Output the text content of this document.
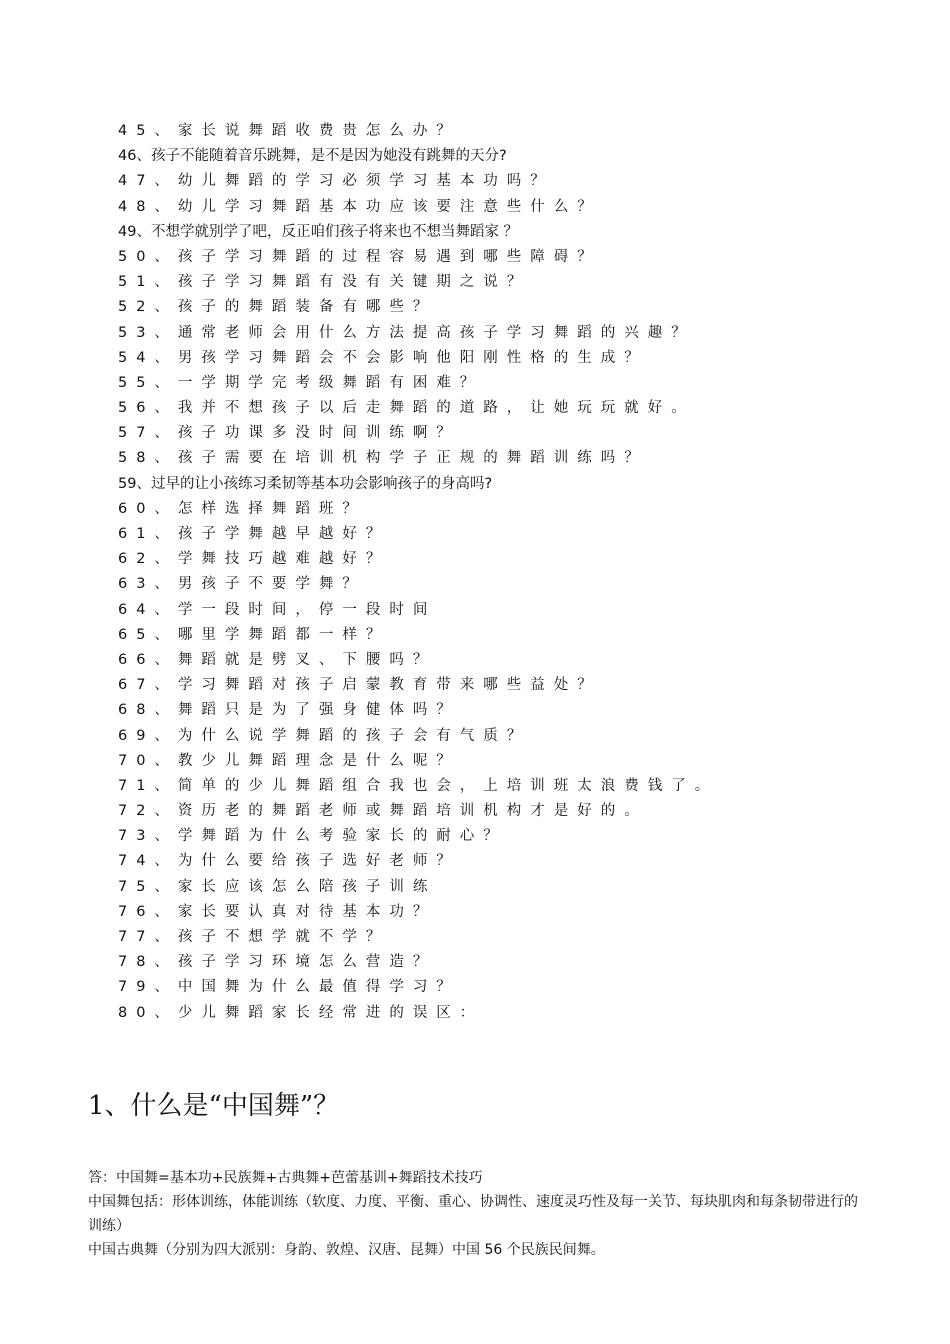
45、家长说舞蹈收费贵怎么办？
46、孩子不能随着音乐跳舞，是不是因为她没有跳舞的天分?
47、幼儿舞蹈的学习必须学习基本功吗？
48、幼儿学习舞蹈基本功应该要注意些什么？
49、不想学就别学了吧，反正咱们孩子将来也不想当舞蹈家 ？
50、孩子学习舞蹈的过程容易遇到哪些障碍？
51、孩子学习舞蹈有没有关键期之说？
52、孩子的舞蹈装备有哪些？
53、通常老师会用什么方法提高孩子学习舞蹈的兴趣？
54、男孩学习舞蹈会不会影响他阳刚性格的生成？
55、一学期学完考级舞蹈有困难？
56、我并不想孩子以后走舞蹈的道路，让她玩玩就好。
57、孩子功课多没时间训练啊？
58、孩子需要在培训机构学子正规的舞蹈训练吗？
59、过早的让小孩练习柔韧等基本功会影响孩子的身高吗?
60、怎样选择舞蹈班？
61、孩子学舞越早越好？
62、学舞技巧越难越好？
63、男孩子不要学舞？
64、学一段时间，停一段时间
65、哪里学舞蹈都一样？
66、舞蹈就是劈叉、下腰吗？
67、学习舞蹈对孩子启蒙教育带来哪些益处？
68、舞蹈只是为了强身健体吗？
69、为什么说学舞蹈的孩子会有气质？
70、教少儿舞蹈理念是什么呢？
71、简单的少儿舞蹈组合我也会，上培训班太浪费钱了。
72、资历老的舞蹈老师或舞蹈培训机构才是好的。
73、学舞蹈为什么考验家长的耐心？
74、为什么要给孩子选好老师？
75、家长应该怎么陪孩子训练
76、家长要认真对待基本功？
77、孩子不想学就不学？
78、孩子学习环境怎么营造？
79、中国舞为什么最值得学习？
80、少儿舞蹈家长经常进的误区：
1、什么是“中国舞”？

答：中国舞=基本功+民族舞+古典舞+芭蕾基训+舞蹈技术技巧

中国舞包括：形体训练，体能训练（软度、力度、平衡、重心、协调性、速度灵巧性及每一关节、每块肌肉和每条韧带进行的训练）

中国古典舞（分别为四大派别：身韵、敦煌、汉唐、昆舞）中国 56 个民族民间舞。
